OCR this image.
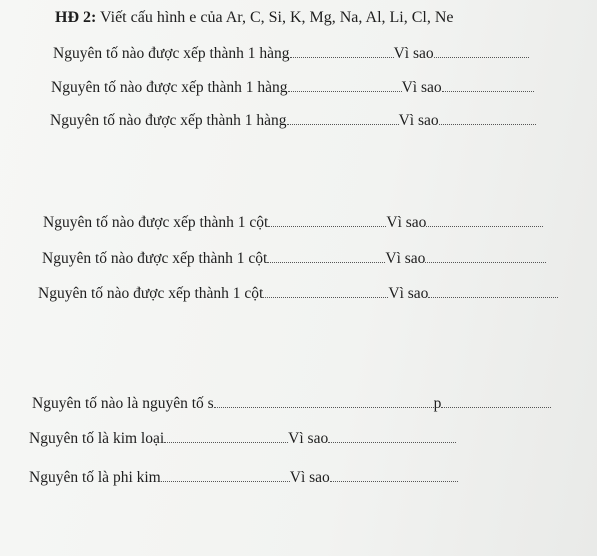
HĐ 2: Viết cấu hình e của Ar, C, Si, K, Mg, Na, Al, Li, Cl, Ne
Nguyên tố nào được xếp thành 1 hàng	Vì sao
Nguyên tố nào được xếp thành 1 hàng	Vì sao
Nguyên tố nào được xếp thành 1 hàng	Vì sao
Nguyên tố nào được xếp thành 1 cột	Vì sao
Nguyên tố nào được xếp thành 1 cột	Vì sao
Nguyên tố nào được xếp thành 1 cột	Vì sao
Nguyên tố nào là nguyên tố s	p
Nguyên tố là kim loại	Vì sao
Nguyên tố là phi kim	Vì sao
